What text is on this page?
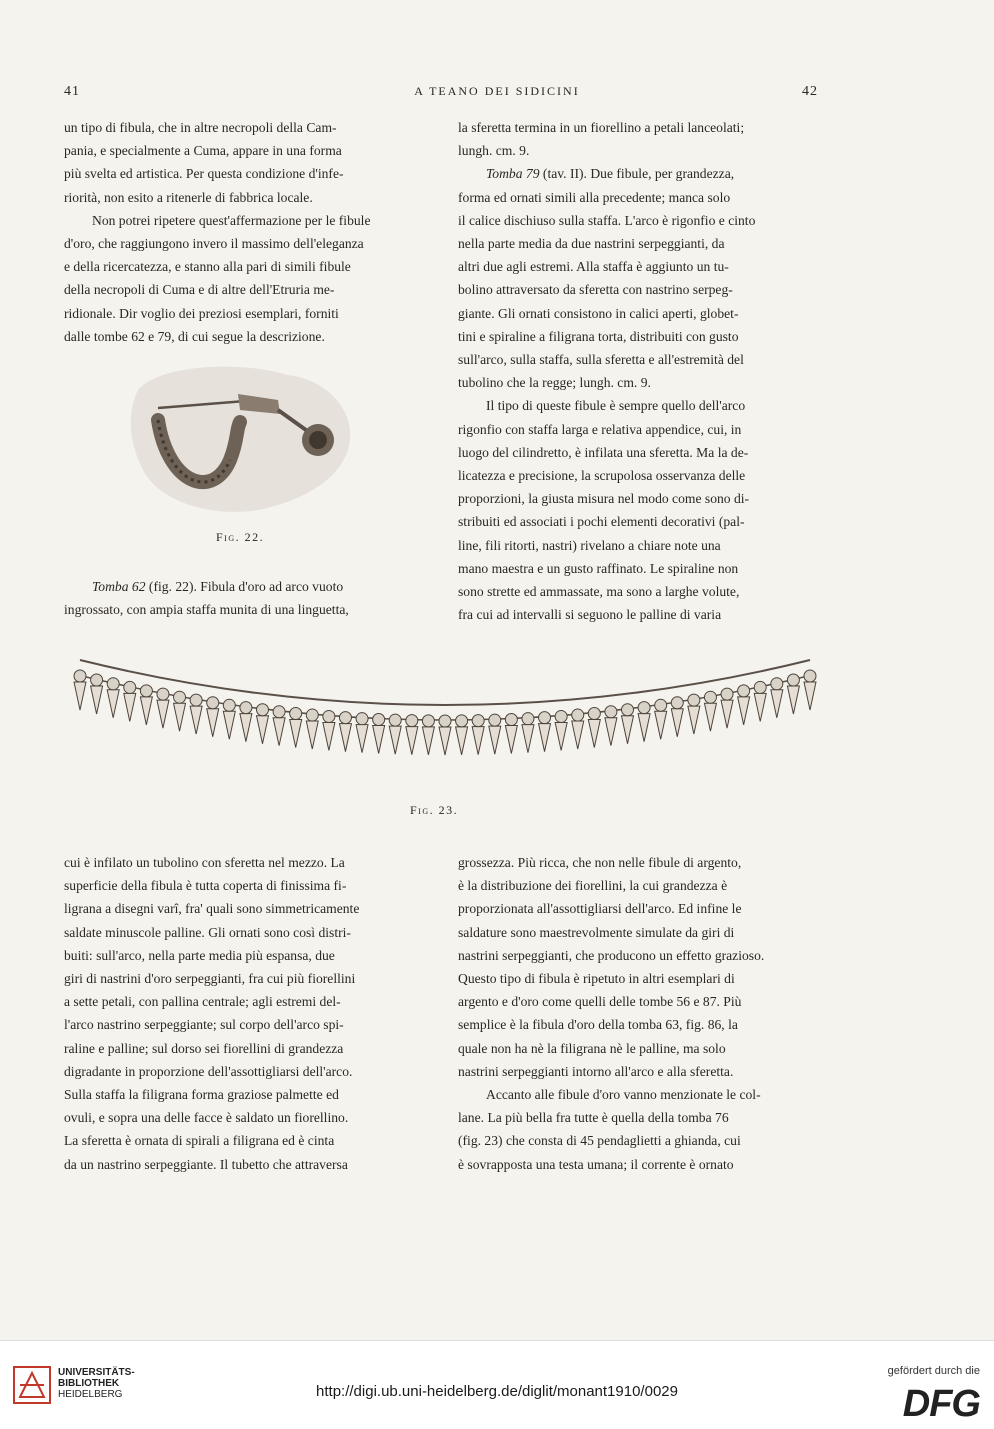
41	A TEANO DEI SIDICINI	42

un tipo di fibula, che in altre necropoli della Cam-
pania, e specialmente a Cuma, appare in una forma
più svelta ed artistica. Per questa condizione d'infe-
riorità, non esito a ritenerle di fabbrica locale.

Non potrei ripetere quest'affermazione per le fibule
d'oro, che raggiungono invero il massimo dell'eleganza
e della ricercatezza, e stanno alla pari di simili fibule
della necropoli di Cuma e di altre dell'Etruria me-
ridionale. Dir voglio dei preziosi esemplari, forniti
dalle tombe 62 e 79, di cui segue la descrizione.

Fig. 22.

Tomba 62 (fig. 22). Fibula d'oro ad arco vuoto
ingrossato, con ampia staffa munita di una linguetta,

la sferetta termina in un fiorellino a petali lanceolati;
lungh. cm. 9.

Tomba 79 (tav. II). Due fibule, per grandezza,
forma ed ornati simili alla precedente; manca solo
il calice dischiuso sulla staffa. L'arco è rigonfio e cinto
nella parte media da due nastrini serpeggianti, da
altri due agli estremi. Alla staffa è aggiunto un tu-
bolino attraversato da sferetta con nastrino serpeg-
giante. Gli ornati consistono in calici aperti, globet-
tini e spiraline a filigrana torta, distribuiti con gusto
sull'arco, sulla staffa, sulla sferetta e all'estremità del
tubolino che la regge; lungh. cm. 9.

Il tipo di queste fibule è sempre quello dell'arco
rigonfio con staffa larga e relativa appendice, cui, in
luogo del cilindretto, è infilata una sferetta. Ma la de-
licatezza e precisione, la scrupolosa osservanza delle
proporzioni, la giusta misura nel modo come sono di-
stribuiti ed associati i pochi elementi decorativi (pal-
line, fili ritorti, nastri) rivelano a chiare note una
mano maestra e un gusto raffinato. Le spiraline non
sono strette ed ammassate, ma sono a larghe volute,
fra cui ad intervalli si seguono le palline di varia

Fig. 23.

cui è infilato un tubolino con sferetta nel mezzo. La
superficie della fibula è tutta coperta di finissima fi-
ligrana a disegni varî, fra' quali sono simmetricamente
saldate minuscole palline. Gli ornati sono così distri-
buiti: sull'arco, nella parte media più espansa, due
giri di nastrini d'oro serpeggianti, fra cui più fiorellini
a sette petali, con pallina centrale; agli estremi del-
l'arco nastrino serpeggiante; sul corpo dell'arco spi-
raline e palline; sul dorso sei fiorellini di grandezza
digradante in proporzione dell'assottigliarsi dell'arco.
Sulla staffa la filigrana forma graziose palmette ed
ovuli, e sopra una delle facce è saldato un fiorellino.
La sferetta è ornata di spirali a filigrana ed è cinta
da un nastrino serpeggiante. Il tubetto che attraversa

grossezza. Più ricca, che non nelle fibule di argento,
è la distribuzione dei fiorellini, la cui grandezza è
proporzionata all'assottigliarsi dell'arco. Ed infine le
saldature sono maestrevolmente simulate da giri di
nastrini serpeggianti, che producono un effetto grazioso.
Questo tipo di fibula è ripetuto in altri esemplari di
argento e d'oro come quelli delle tombe 56 e 87. Più
semplice è la fibula d'oro della tomba 63, fig. 86, la
quale non ha nè la filigrana nè le palline, ma solo
nastrini serpeggianti intorno all'arco e alla sferetta.

Accanto alle fibule d'oro vanno menzionate le col-
lane. La più bella fra tutte è quella della tomba 76
(fig. 23) che consta di 45 pendaglietti a ghianda, cui
è sovrapposta una testa umana; il corrente è ornato

UNIVERSITÄTS-
BIBLIOTHEK
HEIDELBERG	http://digi.ub.uni-heidelberg.de/diglit/monant1910/0029
gefördert durch die
DFG
